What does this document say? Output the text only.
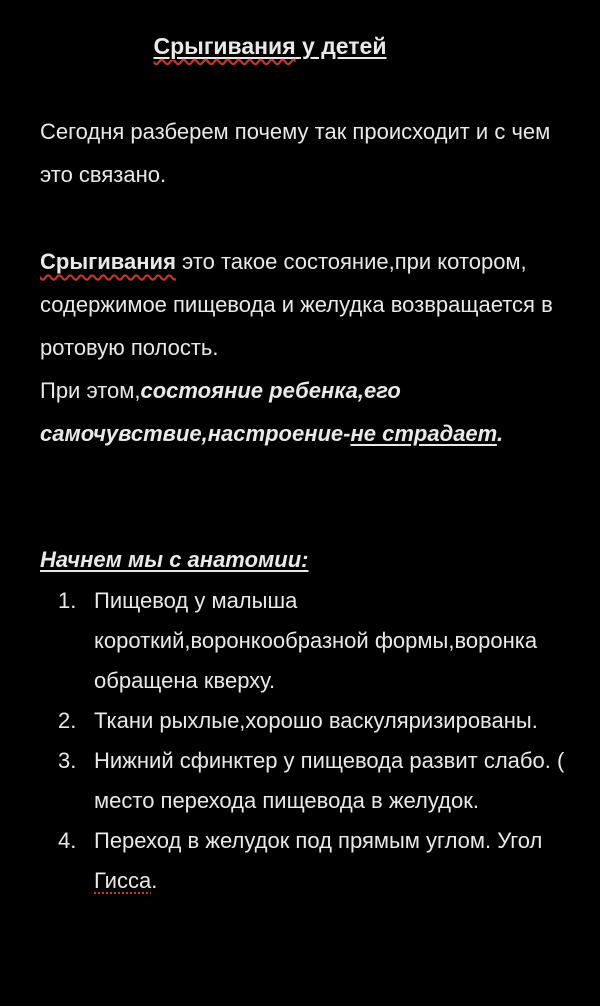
Срыгивания у детей
Сегодня разберем почему так происходит и с чем это связано.
Срыгивания это такое состояние,при котором, содержимое пищевода и желудка возвращается в ротовую полость.
При этом,состояние ребенка,его самочувствие,настроение-не страдает.
Начнем мы с анатомии:
1. Пищевод у малыша короткий,воронкообразной формы,воронка обращена кверху.
2. Ткани рыхлые,хорошо васкуляризированы.
3. Нижний сфинктер у пищевода развит слабо. ( место перехода пищевода в желудок.
4. Переход в желудок под прямым углом. Угол Гисса.
